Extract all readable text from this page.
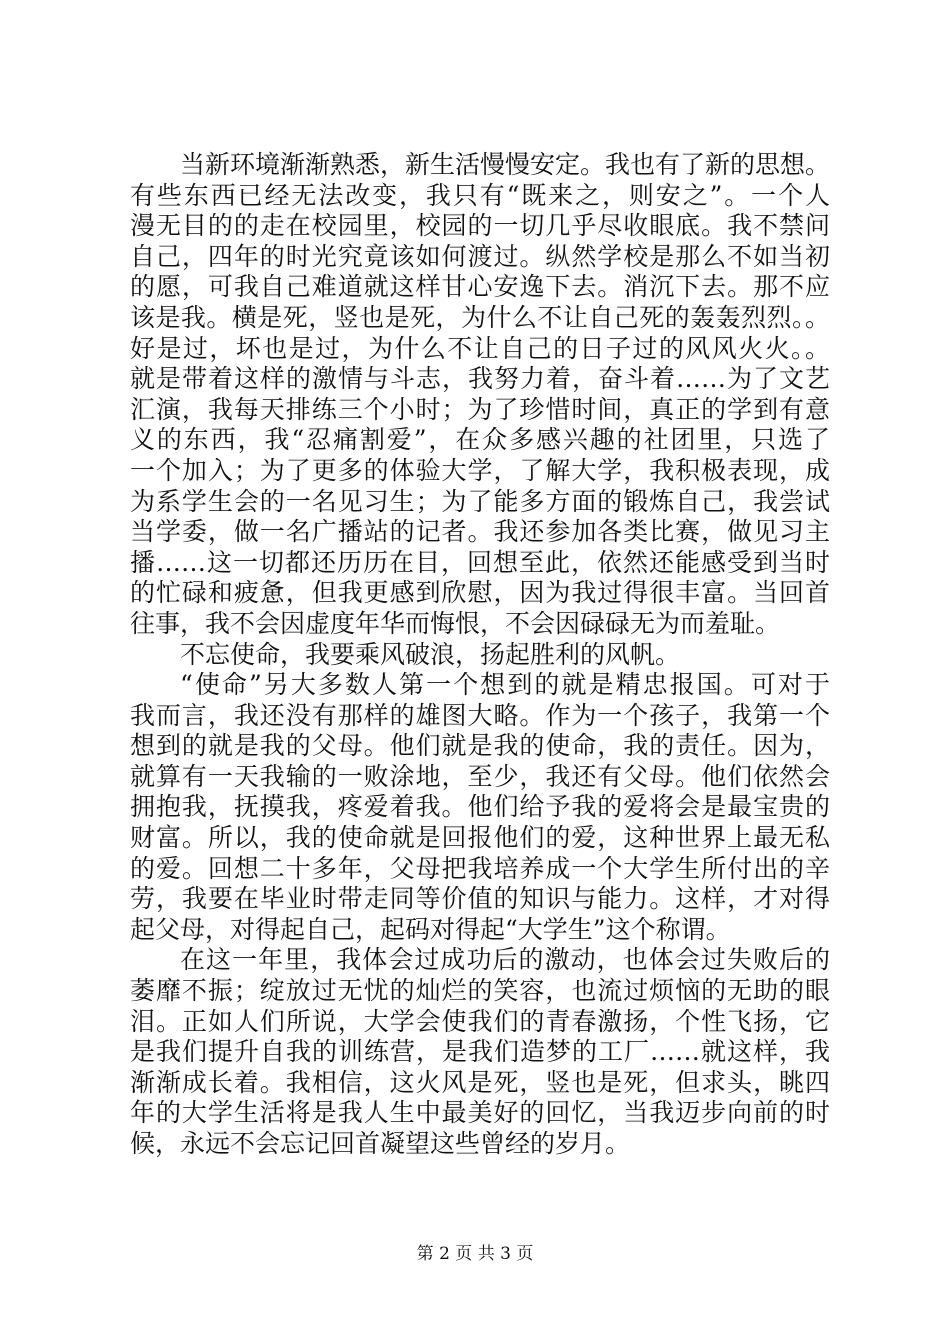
当新环境渐渐熟悉，新生活慢慢安定。我也有了新的思想。
有些东西已经无法改变，我只有“既来之，则安之”。一个人
漫无目的的走在校园里，校园的一切几乎尽收眼底。我不禁问
自己，四年的时光究竟该如何渡过。纵然学校是那么不如当初
的愿，可我自己难道就这样甘心安逸下去。消沉下去。那不应
该是我。横是死，竖也是死，为什么不让自己死的轰轰烈烈。。
好是过，坏也是过，为什么不让自己的日子过的风风火火。。
就是带着这样的激情与斗志，我努力着，奋斗着……为了文艺
汇演，我每天排练三个小时；为了珍惜时间，真正的学到有意
义的东西，我“忍痛割爱”，在众多感兴趣的社团里，只选了
一个加入；为了更多的体验大学，了解大学，我积极表现，成
为系学生会的一名见习生；为了能多方面的锻炼自己，我尝试
当学委，做一名广播站的记者。我还参加各类比赛，做见习主
播……这一切都还历历在目，回想至此，依然还能感受到当时
的忙碌和疲惫，但我更感到欣慰，因为我过得很丰富。当回首
往事，我不会因虚度年华而悔恨，不会因碌碌无为而羞耻。
不忘使命，我要乘风破浪，扬起胜利的风帆。
“使命”另大多数人第一个想到的就是精忠报国。可对于
我而言，我还没有那样的雄图大略。作为一个孩子，我第一个
想到的就是我的父母。他们就是我的使命，我的责任。因为，
就算有一天我输的一败涂地，至少，我还有父母。他们依然会
拥抱我，抚摸我，疼爱着我。他们给予我的爱将会是最宝贵的
财富。所以，我的使命就是回报他们的爱，这种世界上最无私
的爱。回想二十多年，父母把我培养成一个大学生所付出的辛
劳，我要在毕业时带走同等价值的知识与能力。这样，才对得
起父母，对得起自己，起码对得起“大学生”这个称谓。
在这一年里，我体会过成功后的激动，也体会过失败后的
萎靡不振；绽放过无忧的灿烂的笑容，也流过烦恼的无助的眼
泪。正如人们所说，大学会使我们的青春激扬，个性飞扬，它
是我们提升自我的训练营，是我们造梦的工厂……就这样，我
渐渐成长着。我相信，这火风是死，竖也是死，但求头，眺四
年的大学生活将是我人生中最美好的回忆，当我迈步向前的时
候，永远不会忘记回首凝望这些曾经的岁月。
第 2 页 共 3 页
